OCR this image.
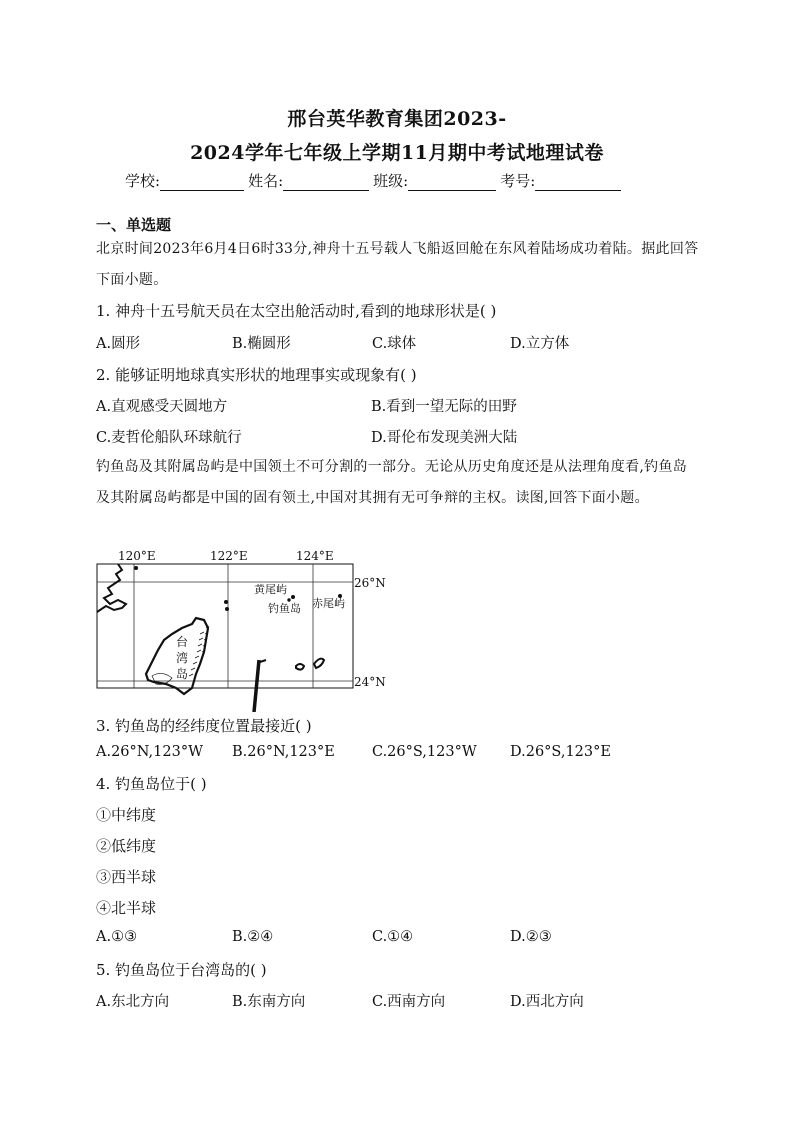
邢台英华教育集团2023-
2024学年七年级上学期11月期中考试地理试卷
学校:	姓名:	班级:	考号:
一、单选题
北京时间2023年6月4日6时33分,神舟十五号载人飞船返回舱在东风着陆场成功着陆。据此回答下面小题。
1. 神舟十五号航天员在太空出舱活动时,看到的地球形状是( )
A.圆形	B.椭圆形	C.球体	D.立方体
2. 能够证明地球真实形状的地理事实或现象有( )
A.直观感受天圆地方	B.看到一望无际的田野
C.麦哲伦船队环球航行	D.哥伦布发现美洲大陆
钓鱼岛及其附属岛屿是中国领土不可分割的一部分。无论从历史角度还是从法理角度看,钓鱼岛及其附属岛屿都是中国的固有领土,中国对其拥有无可争辩的主权。读图,回答下面小题。
120°E	122°E	124°E
26°N
24°N
台
湾
岛
黄尾屿
钓鱼岛 赤尾屿
3. 钓鱼岛的经纬度位置最接近( )
A.26°N,123°W B.26°N,123°E	C.26°S,123°W D.26°S,123°E
4. 钓鱼岛位于( )
①中纬度
②低纬度
③西半球
④北半球
A.①③	B.②④	C.①④	D.②③
5. 钓鱼岛位于台湾岛的( )
A.东北方向	B.东南方向	C.西南方向	D.西北方向
